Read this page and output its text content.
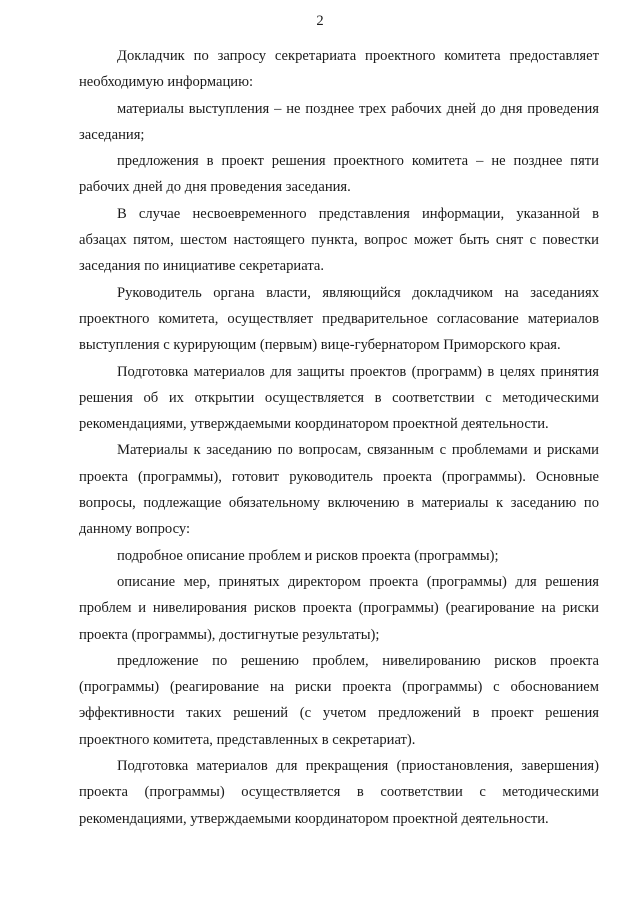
2

Докладчик по запросу секретариата проектного комитета предоставляет необходимую информацию:

материалы выступления – не позднее трех рабочих дней до дня проведения заседания;

предложения в проект решения проектного комитета – не позднее пяти рабочих дней до дня проведения заседания.

В случае несвоевременного представления информации, указанной в абзацах пятом, шестом настоящего пункта, вопрос может быть снят с повестки заседания по инициативе секретариата.

Руководитель органа власти, являющийся докладчиком на заседаниях проектного комитета, осуществляет предварительное согласование материалов выступления с курирующим (первым) вице-губернатором Приморского края.

Подготовка материалов для защиты проектов (программ) в целях принятия решения об их открытии осуществляется в соответствии с методическими рекомендациями, утверждаемыми координатором проектной деятельности.

Материалы к заседанию по вопросам, связанным с проблемами и рисками проекта (программы), готовит руководитель проекта (программы). Основные вопросы, подлежащие обязательному включению в материалы к заседанию по данному вопросу:

подробное описание проблем и рисков проекта (программы);

описание мер, принятых директором проекта (программы) для решения проблем и нивелирования рисков проекта (программы) (реагирование на риски проекта (программы), достигнутые результаты);

предложение по решению проблем, нивелированию рисков проекта (программы) (реагирование на риски проекта (программы) с обоснованием эффективности таких решений (с учетом предложений в проект решения проектного комитета, представленных в секретариат).

Подготовка материалов для прекращения (приостановления, завершения) проекта (программы) осуществляется в соответствии с методическими рекомендациями, утверждаемыми координатором проектной деятельности.
